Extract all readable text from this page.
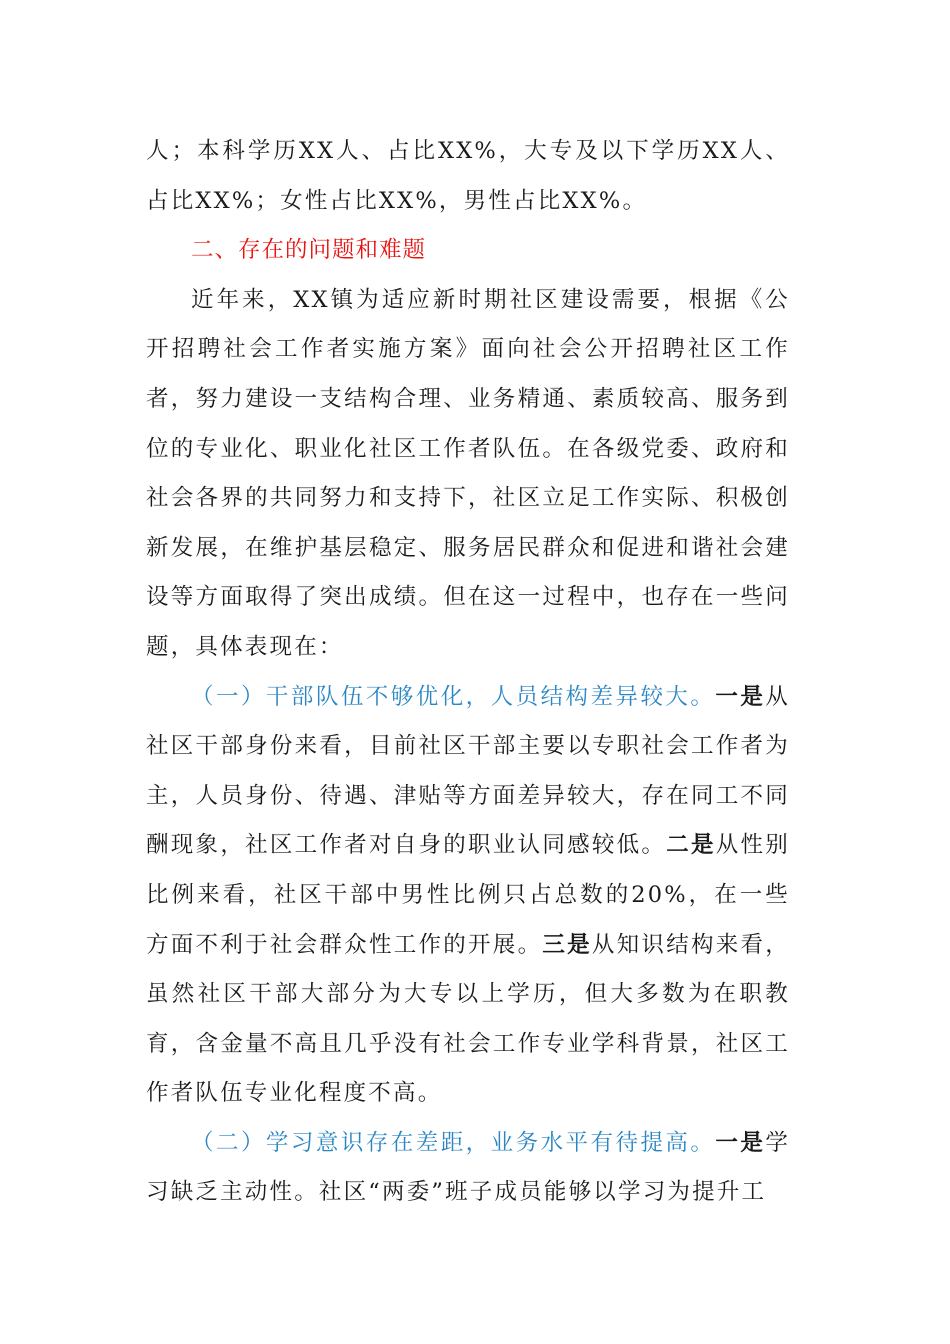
人；本科学历XX人、占比XX%，大专及以下学历XX人、占比XX%；女性占比XX%，男性占比XX%。

二、存在的问题和难题

近年来，XX镇为适应新时期社区建设需要，根据《公开招聘社会工作者实施方案》面向社会公开招聘社区工作者，努力建设一支结构合理、业务精通、素质较高、服务到位的专业化、职业化社区工作者队伍。在各级党委、政府和社会各界的共同努力和支持下，社区立足工作实际、积极创新发展，在维护基层稳定、服务居民群众和促进和谐社会建设等方面取得了突出成绩。但在这一过程中，也存在一些问题，具体表现在：

（一）干部队伍不够优化，人员结构差异较大。一是从社区干部身份来看，目前社区干部主要以专职社会工作者为主，人员身份、待遇、津贴等方面差异较大，存在同工不同酬现象，社区工作者对自身的职业认同感较低。二是从性别比例来看，社区干部中男性比例只占总数的20%，在一些方面不利于社会群众性工作的开展。三是从知识结构来看，虽然社区干部大部分为大专以上学历，但大多数为在职教育，含金量不高且几乎没有社会工作专业学科背景，社区工作者队伍专业化程度不高。

（二）学习意识存在差距，业务水平有待提高。一是学习缺乏主动性。社区“两委”班子成员能够以学习为提升工
